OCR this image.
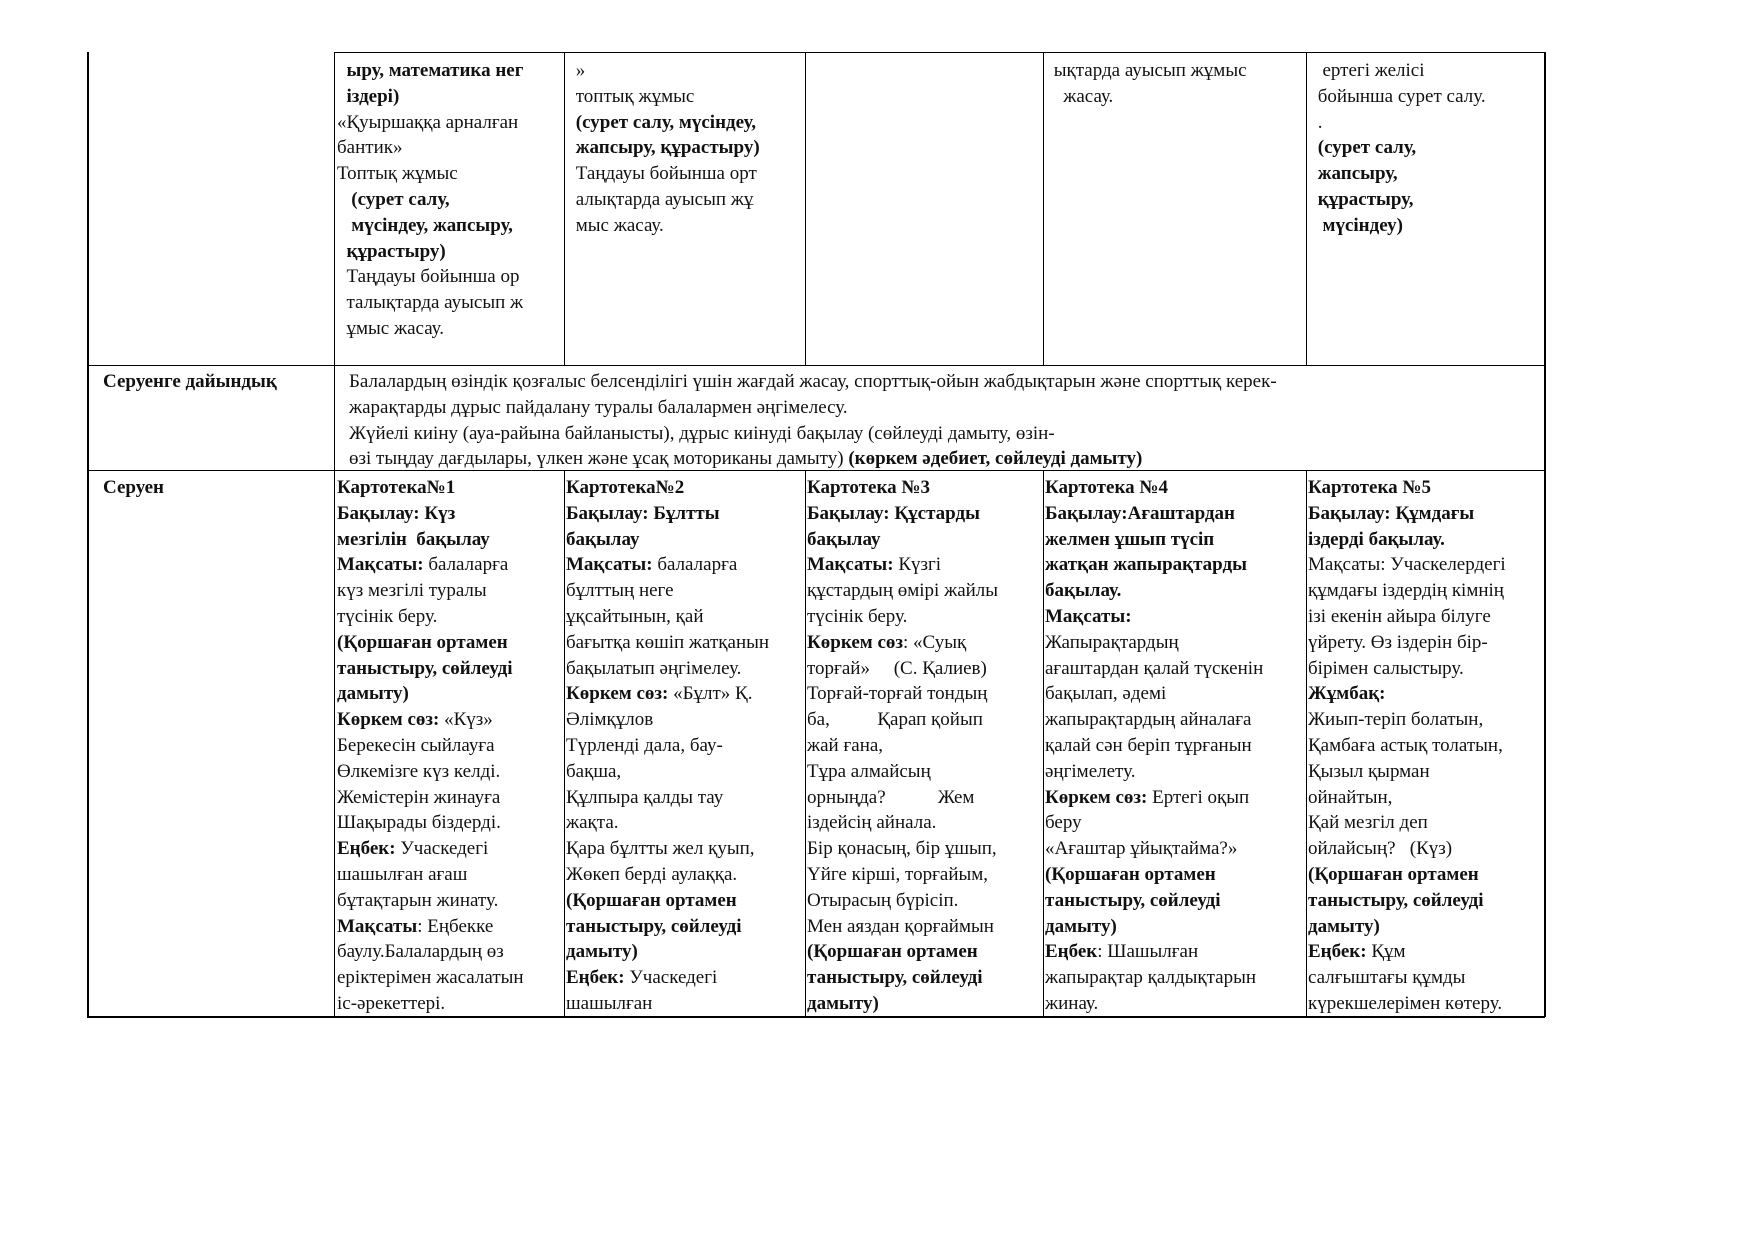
ыру, математика нег
іздері)
«Қуыршаққа арналған
бантик»
Топтық жұмыс
(сурет салу,
мүсіндеу, жапсыру,
құрастыру)
Таңдауы бойынша ор
талықтарда ауысып ж
ұмыс жасау.
»
топтық жұмыс
(сурет салу, мүсіндеу,
жапсыру, құрастыру)
Таңдауы бойынша орт
алықтарда ауысып жұ
мыс жасау.
ықтарда ауысып жұмыс
жасау.
ертегі желісі
бойынша сурет салу.
.
(сурет салу,
жапсыру,
құрастыру,
мүсіндеу)
Серуенге дайындық	Балалардың өзіндік қозғалыс белсенділігі үшін жағдай жасау, спорттық-ойын жабдықтарын және спорттық керек-
жарақтарды дұрыс пайдалану туралы балалармен әңгімелесу.
Жүйелі киіну (ауа-райына байланысты), дұрыс киінуді бақылау (сөйлеуді дамыту, өзін-
өзі тыңдау дағдылары, үлкен және ұсақ моториканы дамыту) (көркем әдебиет, сөйлеуді дамыту)
Серуен	Картотека№1
Бақылау: Күз
мезгілін  бақылау
Мақсаты: балаларға
күз мезгілі туралы
түсінік беру.
(Қоршаған ортамен
таныстыру, сөйлеуді
дамыту)
Көркем сөз: «Күз»
Берекесін сыйлауға
Өлкемізге күз келді.
Жемістерін жинауға
Шақырады біздерді.
Еңбек: Учаскедегі
шашылған ағаш
бұтақтарын жинату.
Мақсаты: Еңбекке
баулу.Балалардың өз
еріктерімен жасалатын
іс-әрекеттері.
Картотека№2
Бақылау: Бұлтты
бақылау
Мақсаты: балаларға
бұлттың неге
ұқсайтынын, қай
бағытқа көшіп жатқанын
бақылатып әңгімелеу.
Көркем сөз: «Бұлт» Қ.
Әлімқұлов
Түрленді дала, бау-
бақша,
Құлпыра қалды тау
жақта.
Қара бұлтты жел қуып,
Жөкеп берді аулаққа.
(Қоршаған ортамен
таныстыру, сөйлеуді
дамыту)
Еңбек: Учаскедегі
шашылған
Картотека №3
Бақылау: Құстарды
бақылау
Мақсаты: Күзгі
құстардың өмірі жайлы
түсінік беру.
Көркем сөз: «Суық
торғай»     (С. Қалиев)
Торғай-торғай тондың
ба,          Қарап қойып
жай ғана,
Тұра алмайсың
орныңда?           Жем
іздейсің айнала.
Бір қонасың, бір ұшып,
Үйге кірші, торғайым,
Отырасың бүрісіп.
Мен аяздан қорғаймын
(Қоршаған ортамен
таныстыру, сөйлеуді
дамыту)
Картотека №4
Бақылау:Ағаштардан
желмен ұшып түсіп
жатқан жапырақтарды
бақылау.
Мақсаты:
Жапырақтардың
ағаштардан қалай түскенін
бақылап, әдемі
жапырақтардың айналаға
қалай сән беріп тұрғанын
әңгімелету.
Көркем сөз: Ертегі оқып
беру
«Ағаштар ұйықтайма?»
(Қоршаған ортамен
таныстыру, сөйлеуді
дамыту)
Еңбек: Шашылған
жапырақтар қалдықтарын
жинау.
Картотека №5
Бақылау: Құмдағы
іздерді бақылау.
Мақсаты: Учаскелердегі
құмдағы іздердің кімнің
ізі екенін айыра білуге
үйрету. Өз іздерін бір-
бірімен салыстыру.
Жұмбақ:
Жиып-теріп болатын,
Қамбаға астық толатын,
Қызыл қырман
ойнайтын,
Қай мезгіл деп
ойлайсың?   (Күз)
(Қоршаған ортамен
таныстыру, сөйлеуді
дамыту)
Еңбек: Құм
салғыштағы құмды
күрекшелерімен көтеру.
